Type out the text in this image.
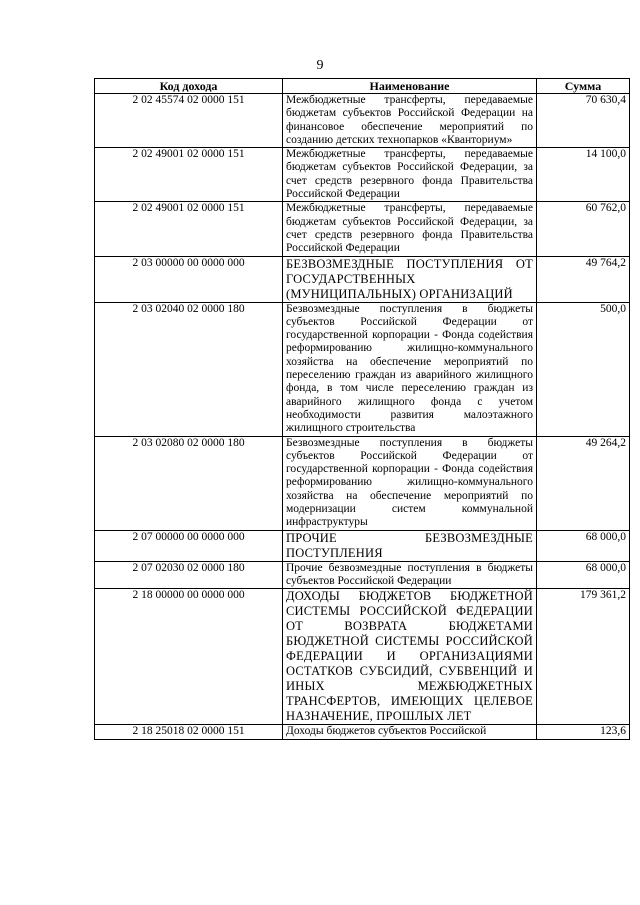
9
Код дохода	Наименование	Сумма
2 02 45574 02 0000 151	Межбюджетные трансферты, передаваемые бюджетам субъектов Российской Федерации на финансовое обеспечение мероприятий по созданию детских технопарков «Кванториум»	70 630,4
2 02 49001 02 0000 151	Межбюджетные трансферты, передаваемые бюджетам субъектов Российской Федерации, за счет средств резервного фонда Правительства Российской Федерации	14 100,0
2 02 49001 02 0000 151	Межбюджетные трансферты, передаваемые бюджетам субъектов Российской Федерации, за счет средств резервного фонда Правительства Российской Федерации	60 762,0
2 03 00000 00 0000 000	БЕЗВОЗМЕЗДНЫЕ ПОСТУПЛЕНИЯ ОТ ГОСУДАРСТВЕННЫХ (МУНИЦИПАЛЬНЫХ) ОРГАНИЗАЦИЙ	49 764,2
2 03 02040 02 0000 180	Безвозмездные поступления в бюджеты субъектов Российской Федерации от государственной корпорации - Фонда содействия реформированию жилищно-коммунального хозяйства на обеспечение мероприятий по переселению граждан из аварийного жилищного фонда, в том числе переселению граждан из аварийного жилищного фонда с учетом необходимости развития малоэтажного жилищного строительства	500,0
2 03 02080 02 0000 180	Безвозмездные поступления в бюджеты субъектов Российской Федерации от государственной корпорации - Фонда содействия реформированию жилищно-коммунального хозяйства на обеспечение мероприятий по модернизации систем коммунальной инфраструктуры	49 264,2
2 07 00000 00 0000 000	ПРОЧИЕ БЕЗВОЗМЕЗДНЫЕ ПОСТУПЛЕНИЯ	68 000,0
2 07 02030 02 0000 180	Прочие безвозмездные поступления в бюджеты субъектов Российской Федерации	68 000,0
2 18 00000 00 0000 000	ДОХОДЫ БЮДЖЕТОВ БЮДЖЕТНОЙ СИСТЕМЫ РОССИЙСКОЙ ФЕДЕРАЦИИ ОТ ВОЗВРАТА БЮДЖЕТАМИ БЮДЖЕТНОЙ СИСТЕМЫ РОССИЙСКОЙ ФЕДЕРАЦИИ И ОРГАНИЗАЦИЯМИ ОСТАТКОВ СУБСИДИЙ, СУБВЕНЦИЙ И ИНЫХ МЕЖБЮДЖЕТНЫХ ТРАНСФЕРТОВ, ИМЕЮЩИХ ЦЕЛЕВОЕ НАЗНАЧЕНИЕ, ПРОШЛЫХ ЛЕТ	179 361,2
2 18 25018 02 0000 151	Доходы бюджетов субъектов Российской	123,6
